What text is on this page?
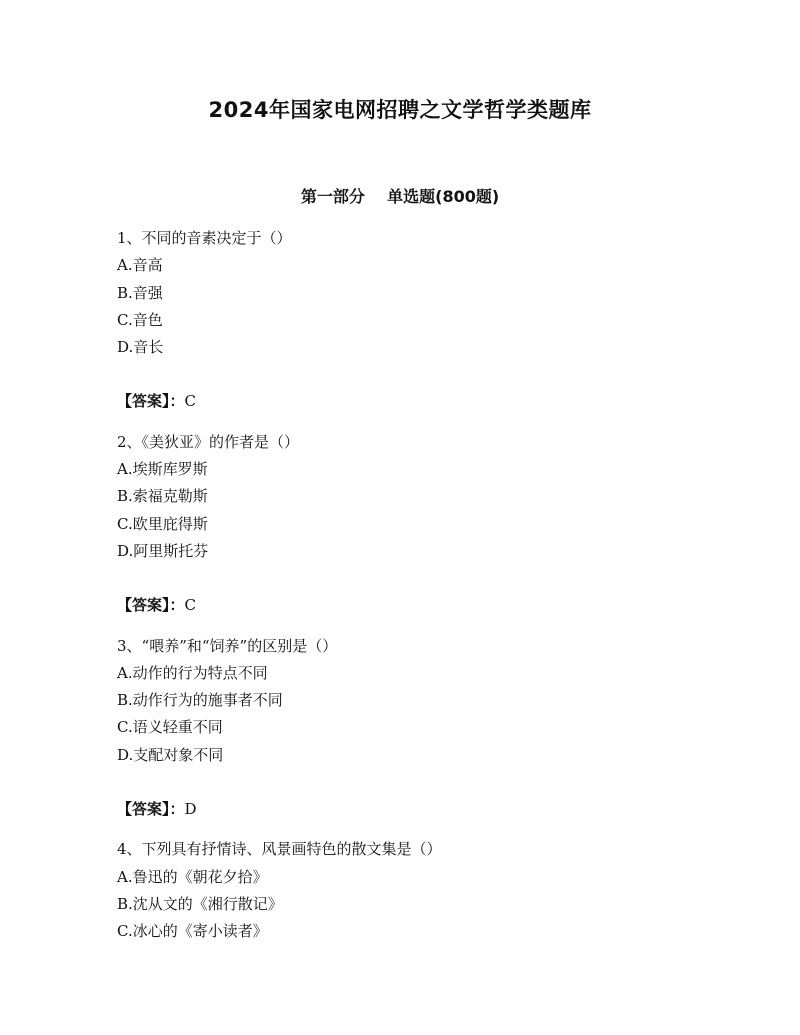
2024年国家电网招聘之文学哲学类题库
第一部分    单选题(800题)
1、不同的音素决定于（）
A.音高
B.音强
C.音色
D.音长
【答案】：C
2、《美狄亚》的作者是（）
A.埃斯库罗斯
B.索福克勒斯
C.欧里庇得斯
D.阿里斯托芬
【答案】：C
3、“喂养”和“饲养”的区别是（）
A.动作的行为特点不同
B.动作行为的施事者不同
C.语义轻重不同
D.支配对象不同
【答案】：D
4、下列具有抒情诗、风景画特色的散文集是（）
A.鲁迅的《朝花夕拾》
B.沈从文的《湘行散记》
C.冰心的《寄小读者》
